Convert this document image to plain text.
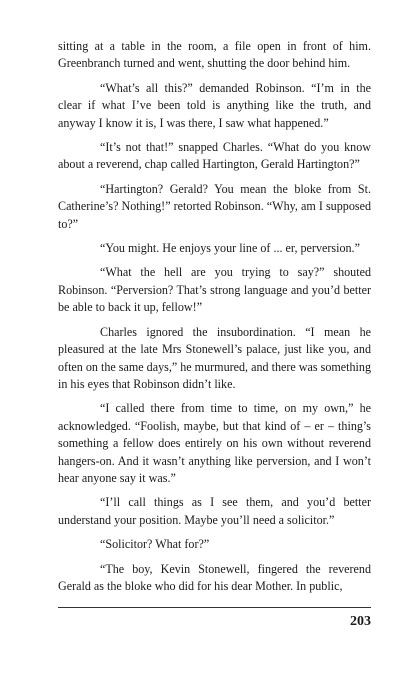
sitting at a table in the room, a file open in front of him. Greenbranch turned and went, shutting the door behind him.

“What’s all this?” demanded Robinson. “I’m in the clear if what I’ve been told is anything like the truth, and anyway I know it is, I was there, I saw what happened.”

“It’s not that!” snapped Charles. “What do you know about a reverend, chap called Hartington, Gerald Hartington?”

“Hartington? Gerald? You mean the bloke from St. Catherine’s? Nothing!” retorted Robinson. “Why, am I supposed to?”

“You might. He enjoys your line of ... er, perversion.”

“What the hell are you trying to say?” shouted Robinson. “Perversion? That’s strong language and you’d better be able to back it up, fellow!”

Charles ignored the insubordination. “I mean he pleasured at the late Mrs Stonewell’s palace, just like you, and often on the same days,” he murmured, and there was something in his eyes that Robinson didn’t like.

“I called there from time to time, on my own,” he acknowledged. “Foolish, maybe, but that kind of – er – thing’s something a fellow does entirely on his own without reverend hangers-on. And it wasn’t anything like perversion, and I won’t hear anyone say it was.”

“I’ll call things as I see them, and you’d better understand your position. Maybe you’ll need a solicitor.”

“Solicitor? What for?”

“The boy, Kevin Stonewell, fingered the reverend Gerald as the bloke who did for his dear Mother. In public,

203
